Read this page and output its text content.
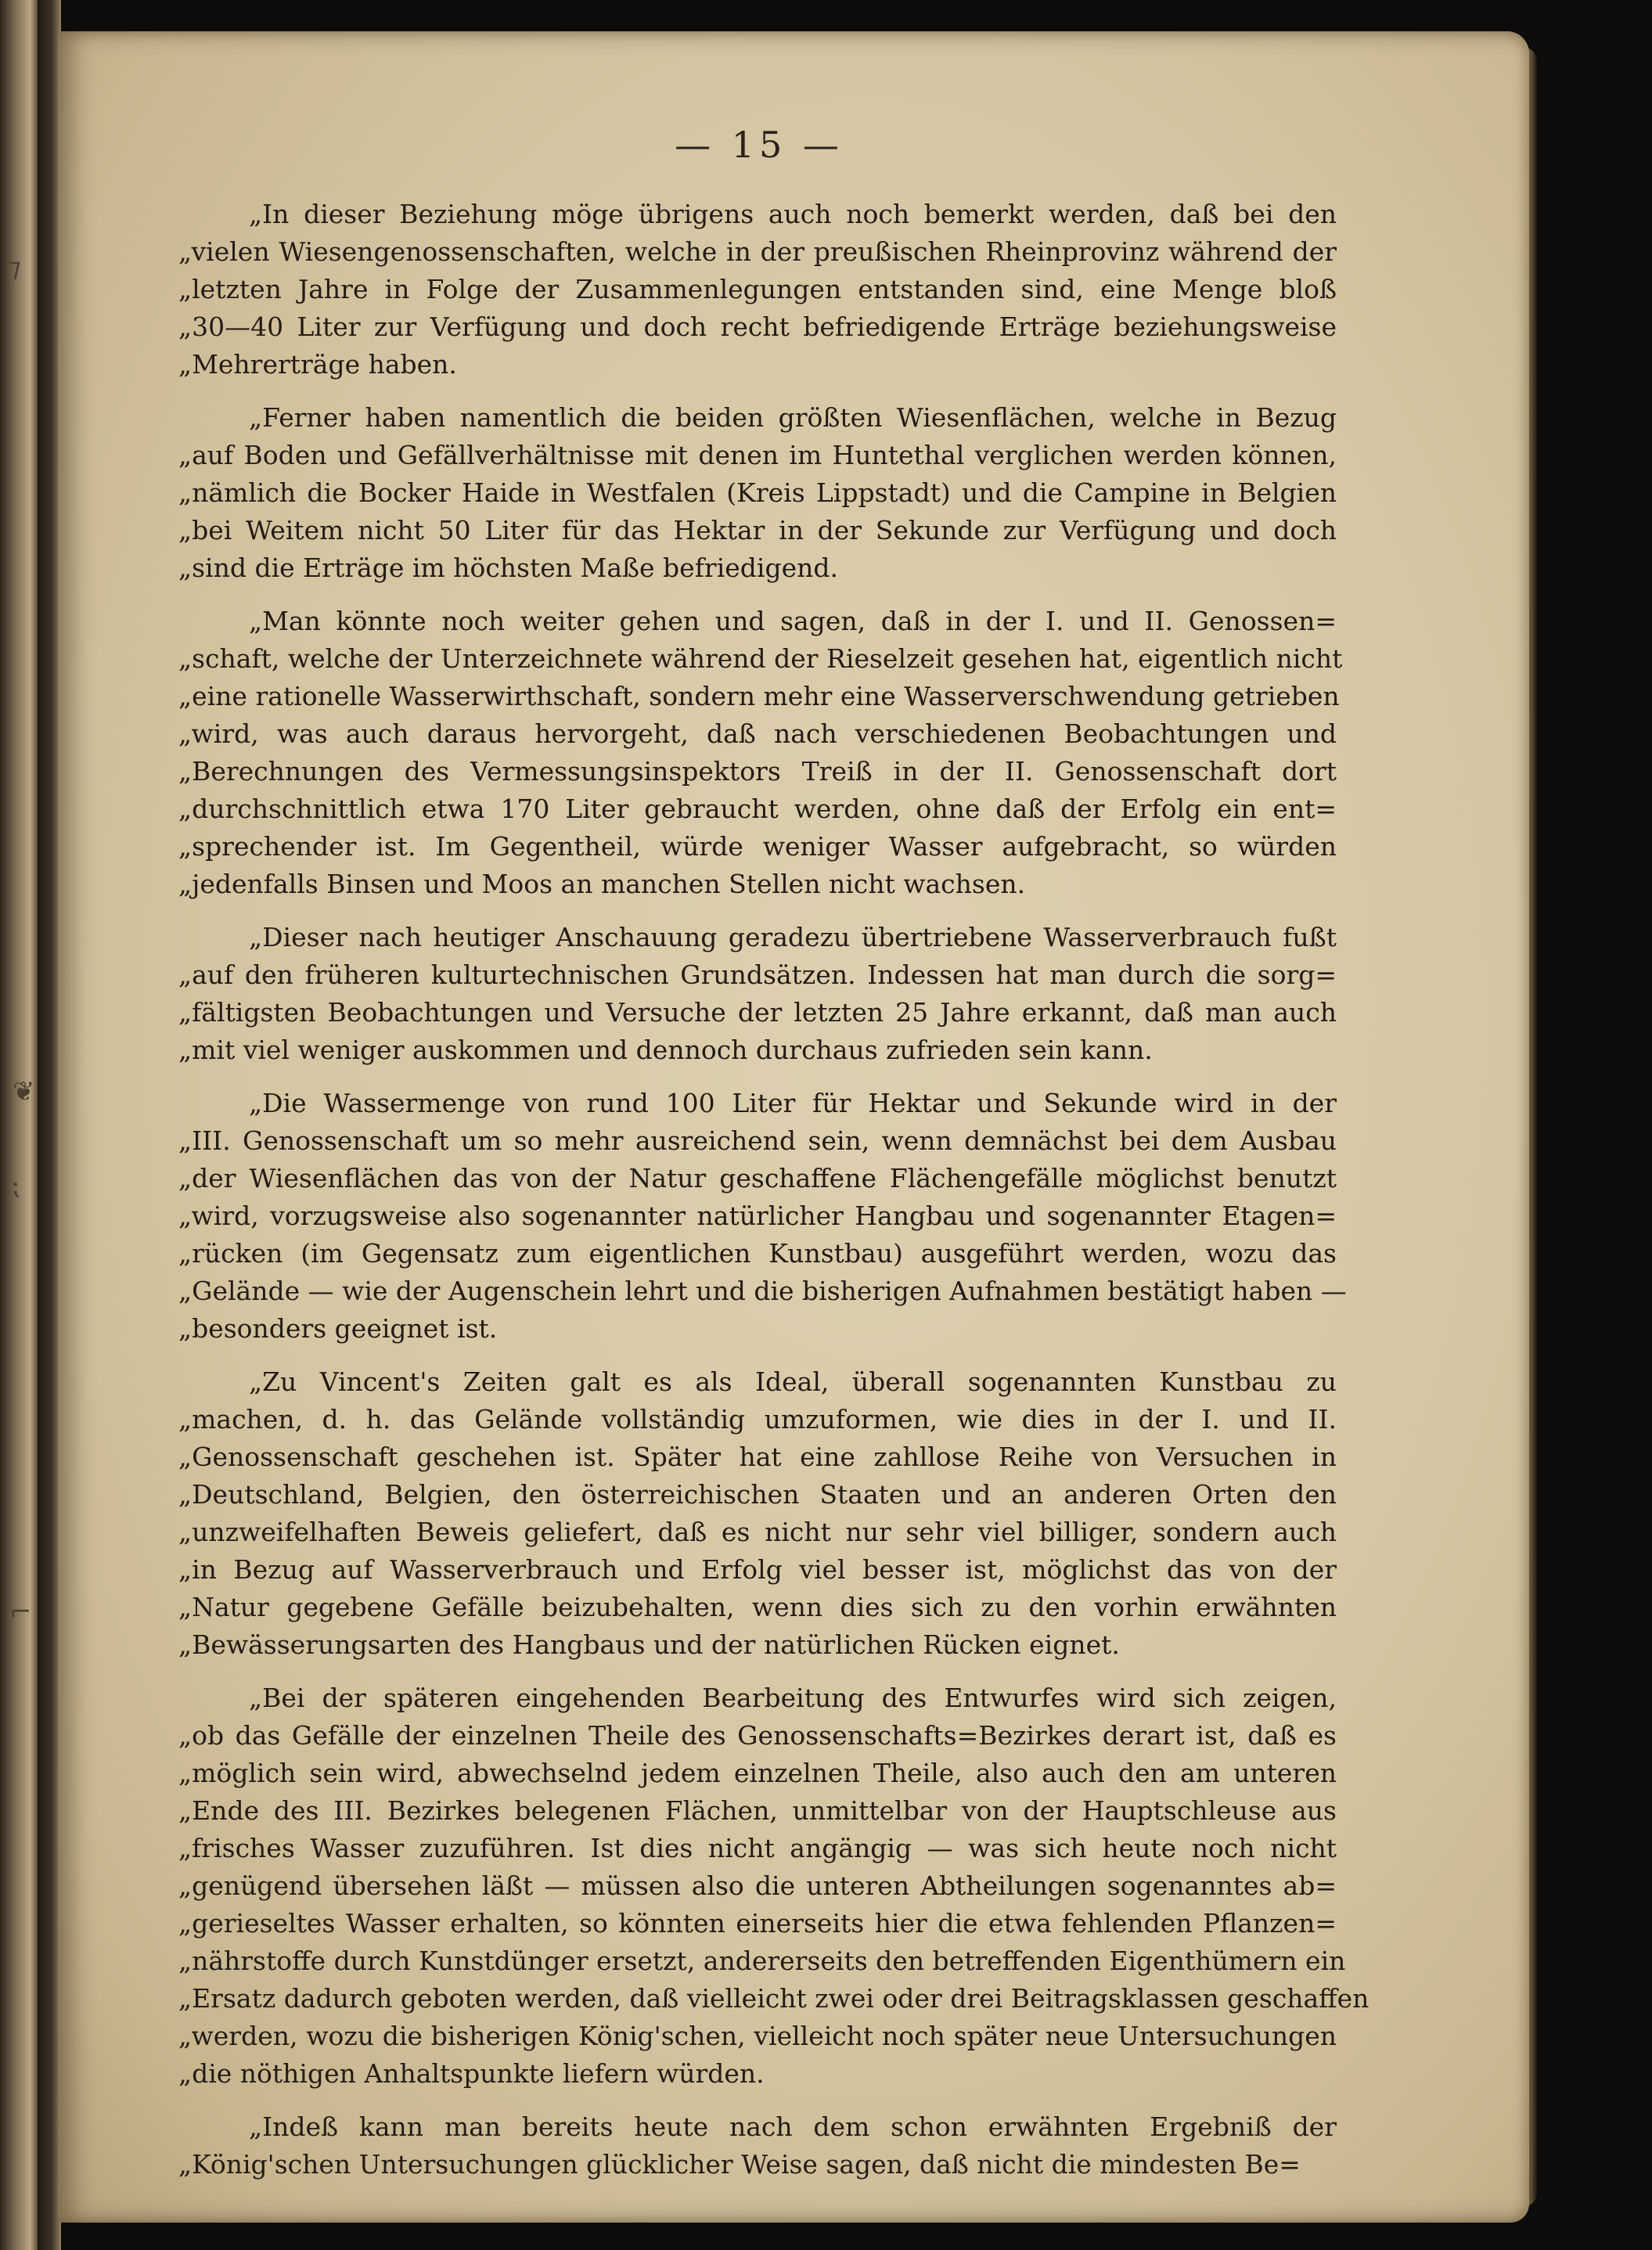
— 15 —
„In dieser Beziehung möge übrigens auch noch bemerkt werden, daß bei den
„vielen Wiesengenossenschaften, welche in der preußischen Rheinprovinz während der
„letzten Jahre in Folge der Zusammenlegungen entstanden sind, eine Menge bloß
„30—40 Liter zur Verfügung und doch recht befriedigende Erträge beziehungsweise
„Mehrerträge haben.
„Ferner haben namentlich die beiden größten Wiesenflächen, welche in Bezug
„auf Boden und Gefällverhältnisse mit denen im Huntethal verglichen werden können,
„nämlich die Bocker Haide in Westfalen (Kreis Lippstadt) und die Campine in Belgien
„bei Weitem nicht 50 Liter für das Hektar in der Sekunde zur Verfügung und doch
„sind die Erträge im höchsten Maße befriedigend.
„Man könnte noch weiter gehen und sagen, daß in der I. und II. Genossen=
„schaft, welche der Unterzeichnete während der Rieselzeit gesehen hat, eigentlich nicht
„eine rationelle Wasserwirthschaft, sondern mehr eine Wasserverschwendung getrieben
„wird, was auch daraus hervorgeht, daß nach verschiedenen Beobachtungen und
„Berechnungen des Vermessungsinspektors Treiß in der II. Genossenschaft dort
„durchschnittlich etwa 170 Liter gebraucht werden, ohne daß der Erfolg ein ent=
„sprechender ist. Im Gegentheil, würde weniger Wasser aufgebracht, so würden
„jedenfalls Binsen und Moos an manchen Stellen nicht wachsen.
„Dieser nach heutiger Anschauung geradezu übertriebene Wasserverbrauch fußt
„auf den früheren kulturtechnischen Grundsätzen. Indessen hat man durch die sorg=
„fältigsten Beobachtungen und Versuche der letzten 25 Jahre erkannt, daß man auch
„mit viel weniger auskommen und dennoch durchaus zufrieden sein kann.
„Die Wassermenge von rund 100 Liter für Hektar und Sekunde wird in der
„III. Genossenschaft um so mehr ausreichend sein, wenn demnächst bei dem Ausbau
„der Wiesenflächen das von der Natur geschaffene Flächengefälle möglichst benutzt
„wird, vorzugsweise also sogenannter natürlicher Hangbau und sogenannter Etagen=
„rücken (im Gegensatz zum eigentlichen Kunstbau) ausgeführt werden, wozu das
„Gelände — wie der Augenschein lehrt und die bisherigen Aufnahmen bestätigt haben —
„besonders geeignet ist.
„Zu Vincent's Zeiten galt es als Ideal, überall sogenannten Kunstbau zu
„machen, d. h. das Gelände vollständig umzuformen, wie dies in der I. und II.
„Genossenschaft geschehen ist. Später hat eine zahllose Reihe von Versuchen in
„Deutschland, Belgien, den österreichischen Staaten und an anderen Orten den
„unzweifelhaften Beweis geliefert, daß es nicht nur sehr viel billiger, sondern auch
„in Bezug auf Wasserverbrauch und Erfolg viel besser ist, möglichst das von der
„Natur gegebene Gefälle beizubehalten, wenn dies sich zu den vorhin erwähnten
„Bewässerungsarten des Hangbaus und der natürlichen Rücken eignet.
„Bei der späteren eingehenden Bearbeitung des Entwurfes wird sich zeigen,
„ob das Gefälle der einzelnen Theile des Genossenschafts=Bezirkes derart ist, daß es
„möglich sein wird, abwechselnd jedem einzelnen Theile, also auch den am unteren
„Ende des III. Bezirkes belegenen Flächen, unmittelbar von der Hauptschleuse aus
„frisches Wasser zuzuführen. Ist dies nicht angängig — was sich heute noch nicht
„genügend übersehen läßt — müssen also die unteren Abtheilungen sogenanntes ab=
„gerieseltes Wasser erhalten, so könnten einerseits hier die etwa fehlenden Pflanzen=
„nährstoffe durch Kunstdünger ersetzt, andererseits den betreffenden Eigenthümern ein
„Ersatz dadurch geboten werden, daß vielleicht zwei oder drei Beitragsklassen geschaffen
„werden, wozu die bisherigen König'schen, vielleicht noch später neue Untersuchungen
„die nöthigen Anhaltspunkte liefern würden.
„Indeß kann man bereits heute nach dem schon erwähnten Ergebniß der
„König'schen Untersuchungen glücklicher Weise sagen, daß nicht die mindesten Be=
⁊
❦
⁏
⌐
